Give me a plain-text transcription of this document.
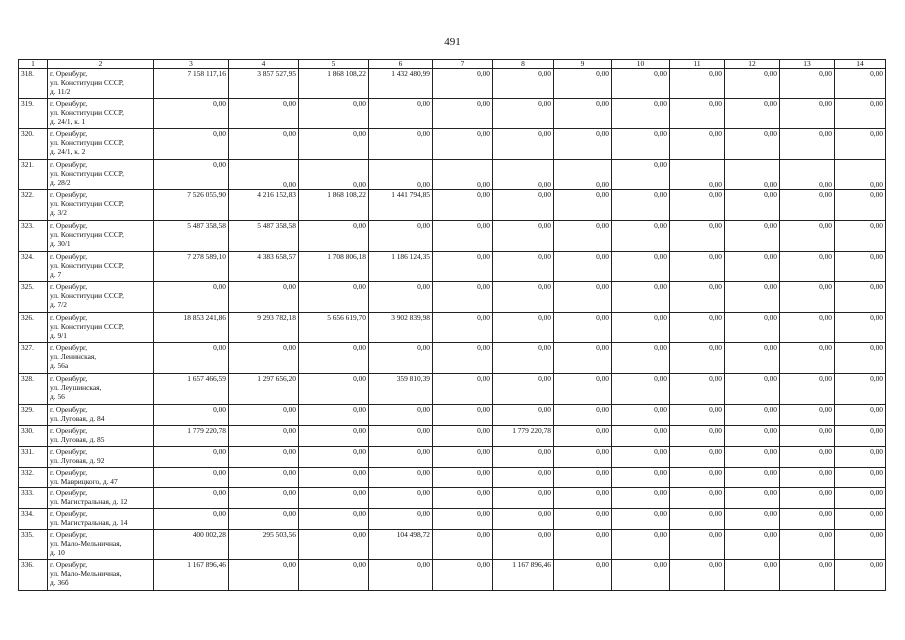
491
1	2	3	4	5	6	7	8	9	10	11	12	13	14
318.	г. Оренбург,
ул. Конституции СССР,
д. 11/2	7 158 117,16	3 857 527,95	1 868 108,22	1 432 480,99	0,00	0,00	0,00	0,00	0,00	0,00	0,00	0,00
319.	г. Оренбург,
ул. Конституции СССР,
д. 24/1, к. 1	0,00	0,00	0,00	0,00	0,00	0,00	0,00	0,00	0,00	0,00	0,00	0,00
320.	г. Оренбург,
ул. Конституции СССР,
д. 24/1, к. 2	0,00	0,00	0,00	0,00	0,00	0,00	0,00	0,00	0,00	0,00	0,00	0,00
321.	г. Оренбург,
ул. Конституции СССР,
д. 28/2	0,00	0,00	0,00	0,00	0,00	0,00	0,00	0,00	0,00	0,00	0,00	0,00
322.	г. Оренбург,
ул. Конституции СССР,
д. 3/2	7 526 055,90	4 216 152,83	1 868 108,22	1 441 794,85	0,00	0,00	0,00	0,00	0,00	0,00	0,00	0,00
323.	г. Оренбург,
ул. Конституции СССР,
д. 30/1	5 487 358,58	5 487 358,58	0,00	0,00	0,00	0,00	0,00	0,00	0,00	0,00	0,00	0,00
324.	г. Оренбург,
ул. Конституции СССР,
д. 7	7 278 589,10	4 383 658,57	1 708 806,18	1 186 124,35	0,00	0,00	0,00	0,00	0,00	0,00	0,00	0,00
325.	г. Оренбург,
ул. Конституции СССР,
д. 7/2	0,00	0,00	0,00	0,00	0,00	0,00	0,00	0,00	0,00	0,00	0,00	0,00
326.	г. Оренбург,
ул. Конституции СССР,
д. 9/1	18 853 241,86	9 293 782,18	5 656 619,70	3 902 839,98	0,00	0,00	0,00	0,00	0,00	0,00	0,00	0,00
327.	г. Оренбург,
ул. Ленинская,
д. 56а	0,00	0,00	0,00	0,00	0,00	0,00	0,00	0,00	0,00	0,00	0,00	0,00
328.	г. Оренбург,
ул. Леушинская,
д. 56	1 657 466,59	1 297 656,20	0,00	359 810,39	0,00	0,00	0,00	0,00	0,00	0,00	0,00	0,00
329.	г. Оренбург,
ул. Луговая, д. 84	0,00	0,00	0,00	0,00	0,00	0,00	0,00	0,00	0,00	0,00	0,00	0,00
330.	г. Оренбург,
ул. Луговая, д. 85	1 779 220,78	0,00	0,00	0,00	0,00	1 779 220,78	0,00	0,00	0,00	0,00	0,00	0,00
331.	г. Оренбург,
ул. Луговая, д. 92	0,00	0,00	0,00	0,00	0,00	0,00	0,00	0,00	0,00	0,00	0,00	0,00
332.	г. Оренбург,
ул. Маврицкого, д. 47	0,00	0,00	0,00	0,00	0,00	0,00	0,00	0,00	0,00	0,00	0,00	0,00
333.	г. Оренбург,
ул. Магистральная, д. 12	0,00	0,00	0,00	0,00	0,00	0,00	0,00	0,00	0,00	0,00	0,00	0,00
334.	г. Оренбург,
ул. Магистральная, д. 14	0,00	0,00	0,00	0,00	0,00	0,00	0,00	0,00	0,00	0,00	0,00	0,00
335.	г. Оренбург,
ул. Мало-Мельничная,
д. 10	400 002,28	295 503,56	0,00	104 498,72	0,00	0,00	0,00	0,00	0,00	0,00	0,00	0,00
336.	г. Оренбург,
ул. Мало-Мельничная,
д. 36б	1 167 896,46	0,00	0,00	0,00	0,00	1 167 896,46	0,00	0,00	0,00	0,00	0,00	0,00
